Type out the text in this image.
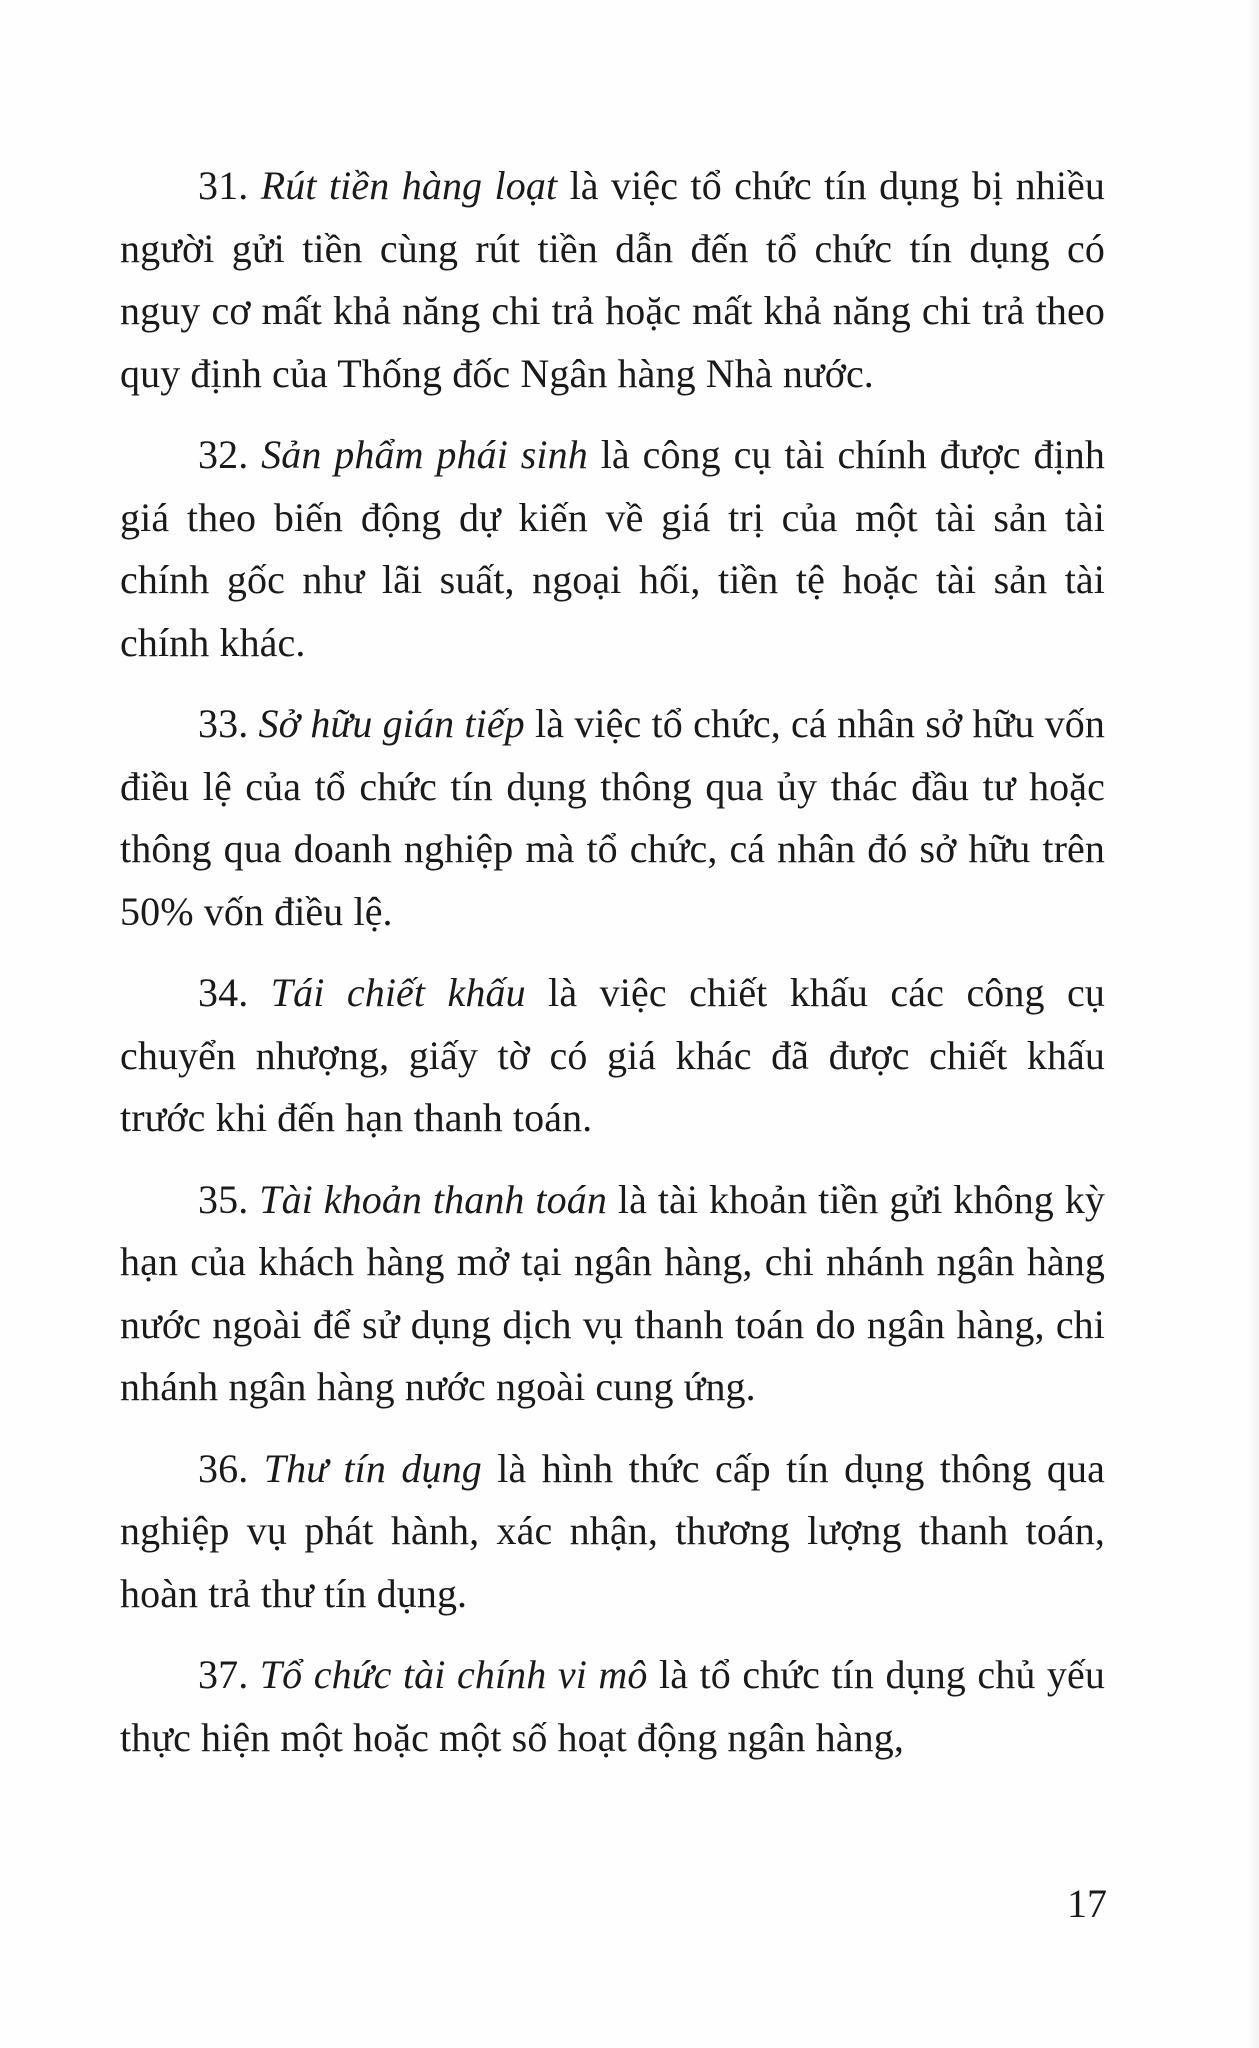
31. Rút tiền hàng loạt là việc tổ chức tín dụng bị nhiều người gửi tiền cùng rút tiền dẫn đến tổ chức tín dụng có nguy cơ mất khả năng chi trả hoặc mất khả năng chi trả theo quy định của Thống đốc Ngân hàng Nhà nước.

32. Sản phẩm phái sinh là công cụ tài chính được định giá theo biến động dự kiến về giá trị của một tài sản tài chính gốc như lãi suất, ngoại hối, tiền tệ hoặc tài sản tài chính khác.

33. Sở hữu gián tiếp là việc tổ chức, cá nhân sở hữu vốn điều lệ của tổ chức tín dụng thông qua ủy thác đầu tư hoặc thông qua doanh nghiệp mà tổ chức, cá nhân đó sở hữu trên 50% vốn điều lệ.

34. Tái chiết khấu là việc chiết khấu các công cụ chuyển nhượng, giấy tờ có giá khác đã được chiết khấu trước khi đến hạn thanh toán.

35. Tài khoản thanh toán là tài khoản tiền gửi không kỳ hạn của khách hàng mở tại ngân hàng, chi nhánh ngân hàng nước ngoài để sử dụng dịch vụ thanh toán do ngân hàng, chi nhánh ngân hàng nước ngoài cung ứng.

36. Thư tín dụng là hình thức cấp tín dụng thông qua nghiệp vụ phát hành, xác nhận, thương lượng thanh toán, hoàn trả thư tín dụng.

37. Tổ chức tài chính vi mô là tổ chức tín dụng chủ yếu thực hiện một hoặc một số hoạt động ngân hàng,

17
